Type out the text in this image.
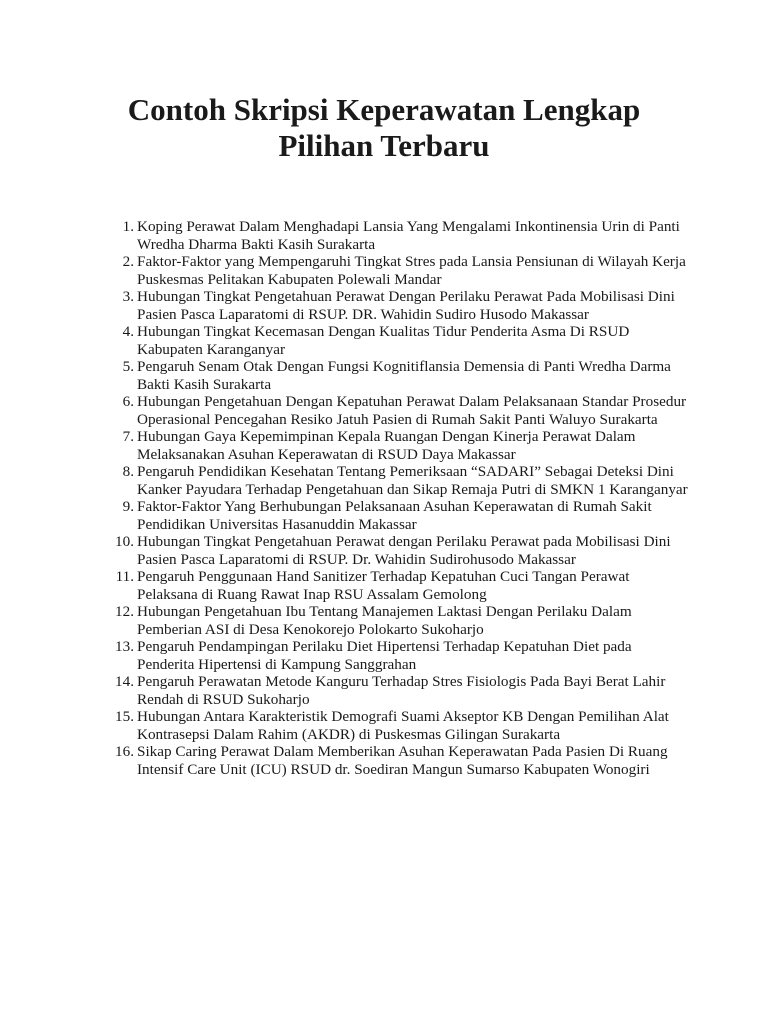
Contoh Skripsi Keperawatan Lengkap
Pilihan Terbaru
1. Koping Perawat Dalam Menghadapi Lansia Yang Mengalami Inkontinensia Urin di Panti Wredha Dharma Bakti Kasih Surakarta
2. Faktor-Faktor yang Mempengaruhi Tingkat Stres pada Lansia Pensiunan di Wilayah Kerja Puskesmas Pelitakan Kabupaten Polewali Mandar
3. Hubungan Tingkat Pengetahuan Perawat Dengan Perilaku Perawat Pada Mobilisasi Dini Pasien Pasca Laparatomi di RSUP. DR. Wahidin Sudiro Husodo Makassar
4. Hubungan Tingkat Kecemasan Dengan Kualitas Tidur Penderita Asma Di RSUD Kabupaten Karanganyar
5. Pengaruh Senam Otak Dengan Fungsi Kognitiflansia Demensia di Panti Wredha Darma Bakti Kasih Surakarta
6. Hubungan Pengetahuan Dengan Kepatuhan Perawat Dalam Pelaksanaan Standar Prosedur Operasional Pencegahan Resiko Jatuh Pasien di Rumah Sakit Panti Waluyo Surakarta
7. Hubungan Gaya Kepemimpinan Kepala Ruangan Dengan Kinerja Perawat Dalam Melaksanakan Asuhan Keperawatan di RSUD Daya Makassar
8. Pengaruh Pendidikan Kesehatan Tentang Pemeriksaan “SADARI” Sebagai Deteksi Dini Kanker Payudara Terhadap Pengetahuan dan Sikap Remaja Putri di SMKN 1 Karanganyar
9. Faktor-Faktor Yang Berhubungan Pelaksanaan Asuhan Keperawatan di Rumah Sakit Pendidikan Universitas Hasanuddin Makassar
10. Hubungan Tingkat Pengetahuan Perawat dengan Perilaku Perawat pada Mobilisasi Dini Pasien Pasca Laparatomi di RSUP. Dr. Wahidin Sudirohusodo Makassar
11. Pengaruh Penggunaan Hand Sanitizer Terhadap Kepatuhan Cuci Tangan Perawat Pelaksana di Ruang Rawat Inap RSU Assalam Gemolong
12. Hubungan Pengetahuan Ibu Tentang Manajemen Laktasi Dengan Perilaku Dalam Pemberian ASI di Desa Kenokorejo Polokarto Sukoharjo
13. Pengaruh Pendampingan Perilaku Diet Hipertensi Terhadap Kepatuhan Diet pada Penderita Hipertensi di Kampung Sanggrahan
14. Pengaruh Perawatan Metode Kanguru Terhadap Stres Fisiologis Pada Bayi Berat Lahir Rendah di RSUD Sukoharjo
15. Hubungan Antara Karakteristik Demografi Suami Akseptor KB Dengan Pemilihan Alat Kontrasepsi Dalam Rahim (AKDR) di Puskesmas Gilingan Surakarta
16. Sikap Caring Perawat Dalam Memberikan Asuhan Keperawatan Pada Pasien Di Ruang Intensif Care Unit (ICU) RSUD dr. Soediran Mangun Sumarso Kabupaten Wonogiri
